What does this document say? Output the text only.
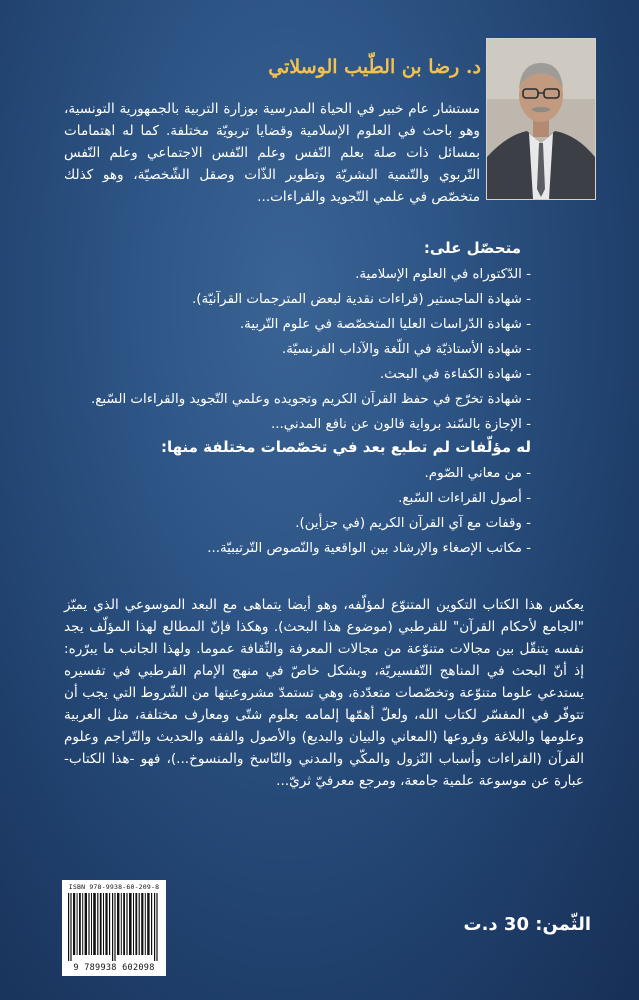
د. رضا بن الطّيب الوسلاتي

مستشار عام خبير في الحياة المدرسية بوزارة التربية بالجمهورية التونسية، وهو باحث في العلوم الإسلامية وقضايا تربويّة مختلفة. كما له اهتمامات بمسائل ذات صلة بعلم النّفس وعلم النّفس الاجتماعي وعلم النّفس التّربوي والتّنمية البشريّة وتطوير الذّات وصقل الشّخصيّة، وهو كذلك متخصّص في علمي التّجويد والقراءات...

متحصّل على:
- الدّكتوراه في العلوم الإسلامية.
- شهادة الماجستير (قراءات نقدية لبعض المترجمات القرآنيّة).
- شهادة الدّراسات العليا المتخصّصة في علوم التّربية.
- شهادة الأستاذيّة في اللّغة والآداب الفرنسيّة.
- شهادة الكفاءة في البحث.
- شهادة تخرّج في حفظ القرآن الكريم وتجويده وعلمي التّجويد والقراءات السّبع.
- الإجازة بالسّند برواية قالون عن نافع المدني...
له مؤلّفات لم تطبع بعد في تخصّصات مختلفة منها:
- من معاني الصّوم.
- أصول القراءات السّبع.
- وقفات مع آي القرآن الكريم (في جزأين).
- مكاتب الإصغاء والإرشاد بين الواقعية والنّصوص التّرتيبيّة...

يعكس هذا الكتاب التكوين المتنوّع لمؤلّفه، وهو أيضا يتماهى مع البعد الموسوعي الذي يميّز "الجامع لأحكام القرآن" للقرطبي (موضوع هذا البحث). وهكذا فإنّ المطالع لهذا المؤلّف يجد نفسه يتنقّل بين مجالات متنوّعة من مجالات المعرفة والثّقافة عموما. ولهذا الجانب ما يبرّره: إذ أنّ البحث في المناهج التّفسيريّة، وبشكل خاصّ في منهج الإمام القرطبي في تفسيره يستدعي علوما متنوّعة وتخصّصات متعدّدة، وهي تستمدّ مشروعيتها من الشّروط التي يجب أن تتوفّر في المفسّر لكتاب الله، ولعلّ أهمّها إلمامه بعلوم شتّى ومعارف مختلفة، مثل العربية وعلومها والبلاغة وفروعها (المعاني والبيان والبديع) والأصول والفقه والحديث والتّراجم وعلوم القرآن (القراءات وأسباب النّزول والمكّي والمدني والنّاسخ والمنسوخ...)، فهو -هذا الكتاب- عبارة عن موسوعة علمية جامعة، ومرجع معرفيّ ثريّ...

ISBN 978-9938-60-209-8
9 789938 602098
الثّمن: 30 د.ت
